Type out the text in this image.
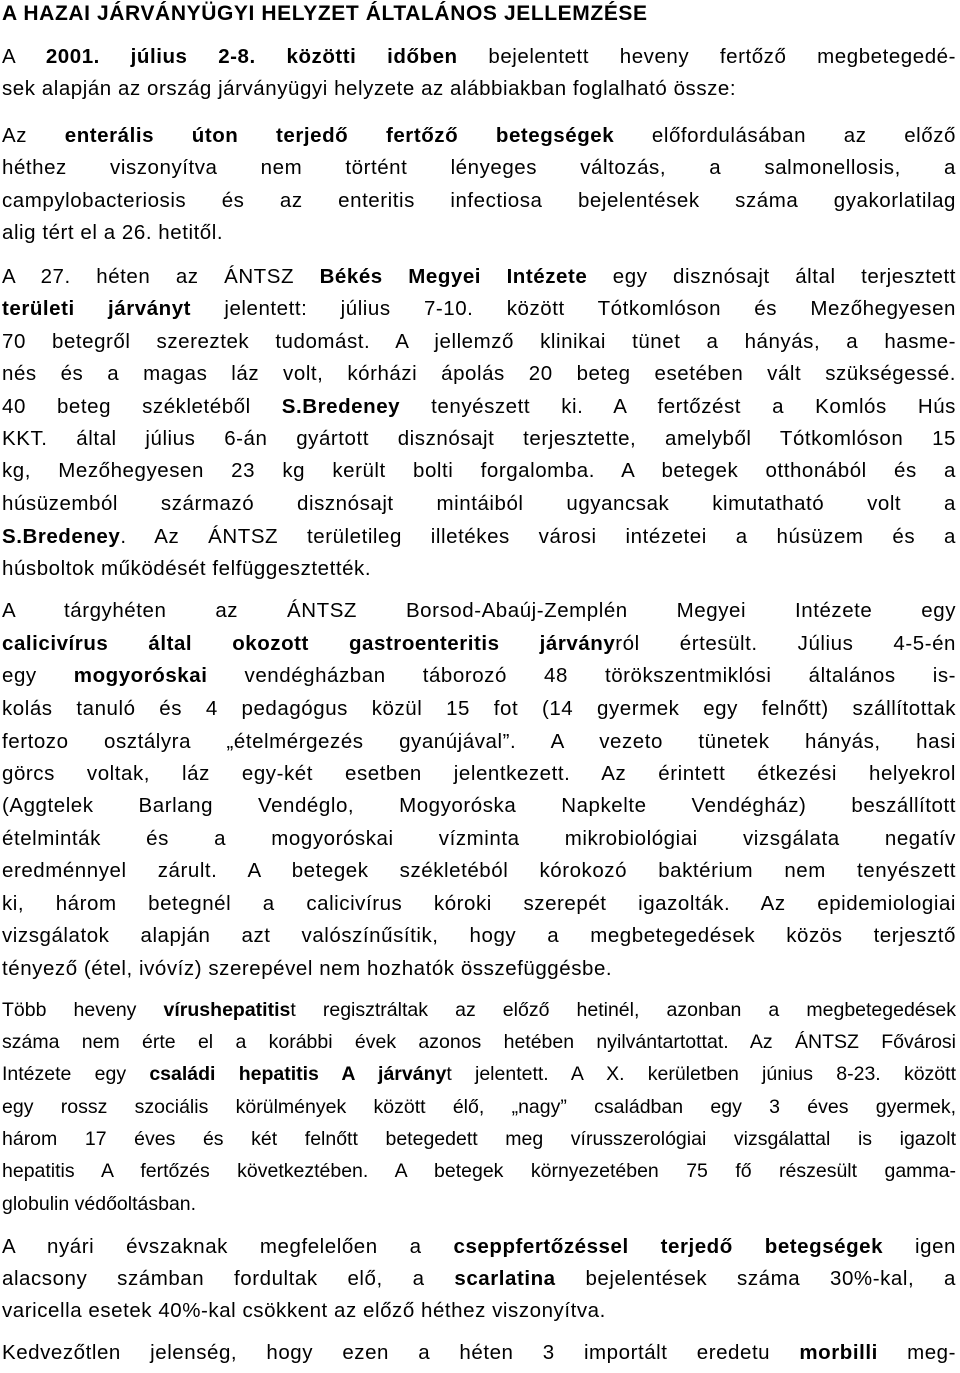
A HAZAI JÁRVÁNYÜGYI HELYZET ÁLTALÁNOS JELLEMZÉSE
A 2001. július 2-8. közötti időben bejelentett heveny fertőző megbetegedé-
sek alapján az ország járványügyi helyzete az alábbiakban foglalható össze:
Az enterális úton terjedő fertőző betegségek előfordulásában az előző
héthez viszonyítva nem történt lényeges változás, a salmonellosis, a
campylobacteriosis és az enteritis infectiosa bejelentések száma gyakorlatilag
alig tért el a 26. hetitől.
A 27. héten az ÁNTSZ Békés Megyei Intézete egy disznósajt által terjesztett
területi járványt jelentett: július 7-10. között Tótkomlóson és Mezőhegyesen
70 betegről szereztek tudomást. A jellemző klinikai tünet a hányás, a hasme-
nés és a magas láz volt, kórházi ápolás 20 beteg esetében vált szükségessé.
40 beteg székletéből S.Bredeney tenyészett ki. A fertőzést a Komlós Hús
KKT. által július 6-án gyártott disznósajt terjesztette, amelyből Tótkomlóson 15
kg, Mezőhegyesen 23 kg került bolti forgalomba. A betegek otthonából és a
húsüzemból származó disznósajt mintáiból ugyancsak kimutatható volt a
S.Bredeney. Az ÁNTSZ területileg illetékes városi intézetei a húsüzem és a
húsboltok működését felfüggesztették.
A tárgyhéten az ÁNTSZ Borsod-Abaúj-Zemplén Megyei Intézete egy
calicivírus által okozott gastroenteritis járványról értesült. Július 4-5-én
egy mogyoróskai vendégházban táborozó 48 törökszentmiklósi általános is-
kolás tanuló és 4 pedagógus közül 15 fot (14 gyermek egy felnőtt) szállítottak
fertozo osztályra „ételmérgezés gyanújával”. A vezeto tünetek hányás, hasi
görcs voltak, láz egy-két esetben jelentkezett. Az érintett étkezési helyekrol
(Aggtelek Barlang Vendéglo, Mogyoróska Napkelte Vendégház) beszállított
ételminták és a mogyoróskai vízminta mikrobiológiai vizsgálata negatív
eredménnyel zárult. A betegek székletéból kórokozó baktérium nem tenyészett
ki, három betegnél a calicivírus kóroki szerepét igazolták. Az epidemiologiai
vizsgálatok alapján azt valószínűsítik, hogy a megbetegedések közös terjesztő
tényező (étel, ivóvíz) szerepével nem hozhatók összefüggésbe.
Több heveny vírushepatitist regisztráltak az előző hetinél, azonban a megbetegedések
száma nem érte el a korábbi évek azonos hetében nyilvántartottat. Az ÁNTSZ Fővárosi
Intézete egy családi hepatitis A járványt jelentett. A X. kerületben június 8-23. között
egy rossz szociális körülmények között élő, „nagy” családban egy 3 éves gyermek,
három 17 éves és két felnőtt betegedett meg vírusszerológiai vizsgálattal is igazolt
hepatitis A fertőzés következtében. A betegek környezetében 75 fő részesült gamma-
globulin védőoltásban.
A nyári évszaknak megfelelően a cseppfertőzéssel terjedő betegségek igen
alacsony számban fordultak elő, a scarlatina bejelentések száma 30%-kal, a
varicella esetek 40%-kal csökkent az előző héthez viszonyítva.
Kedvezőtlen jelenség, hogy ezen a héten 3 importált eredetu morbilli meg-
